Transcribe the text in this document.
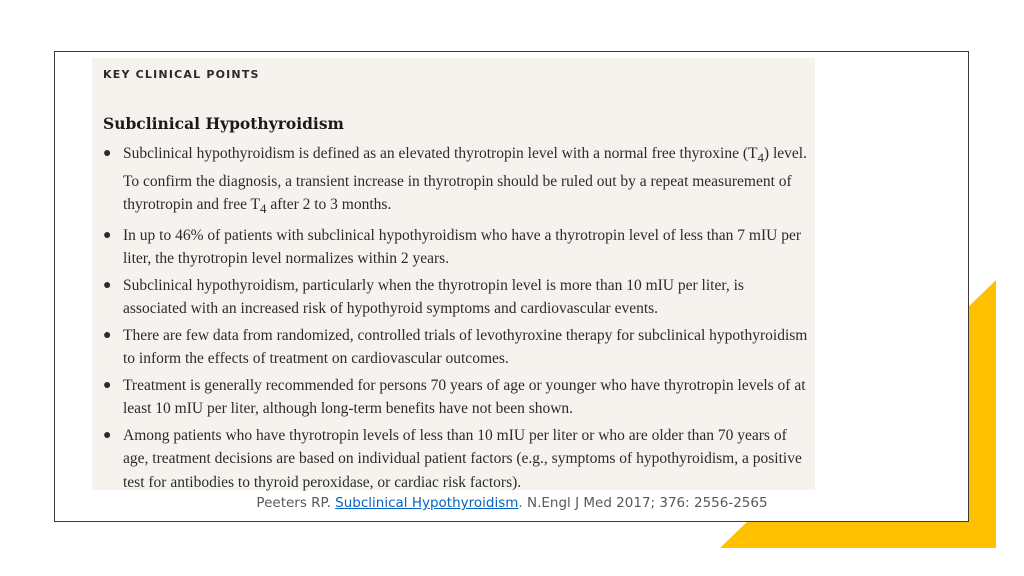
KEY CLINICAL POINTS
Subclinical Hypothyroidism
● Subclinical hypothyroidism is defined as an elevated thyrotropin level with a normal free thyroxine $(T_4)$ level. To confirm the diagnosis, a transient increase in thyrotropin should be ruled out by a repeat measurement of thyrotropin and free $T_4$ after 2 to 3 months.
● In up to 46% of patients with subclinical hypothyroidism who have a thyrotropin level of less than 7 mIU per liter, the thyrotropin level normalizes within 2 years.
● Subclinical hypothyroidism, particularly when the thyrotropin level is more than 10 mIU per liter, is associated with an increased risk of hypothyroid symptoms and cardiovascular events.
● There are few data from randomized, controlled trials of levothyroxine therapy for subclinical hypothyroidism to inform the effects of treatment on cardiovascular outcomes.
● Treatment is generally recommended for persons 70 years of age or younger who have thyrotropin levels of at least 10 mIU per liter, although long-term benefits have not been shown.
● Among patients who have thyrotropin levels of less than 10 mIU per liter or who are older than 70 years of age, treatment decisions are based on individual patient factors (e.g., symptoms of hypothyroidism, a positive test for antibodies to thyroid peroxidase, or cardiac risk factors).
Peeters RP. Subclinical Hypothyroidism. N.Engl J Med 2017; 376: 2556-2565
